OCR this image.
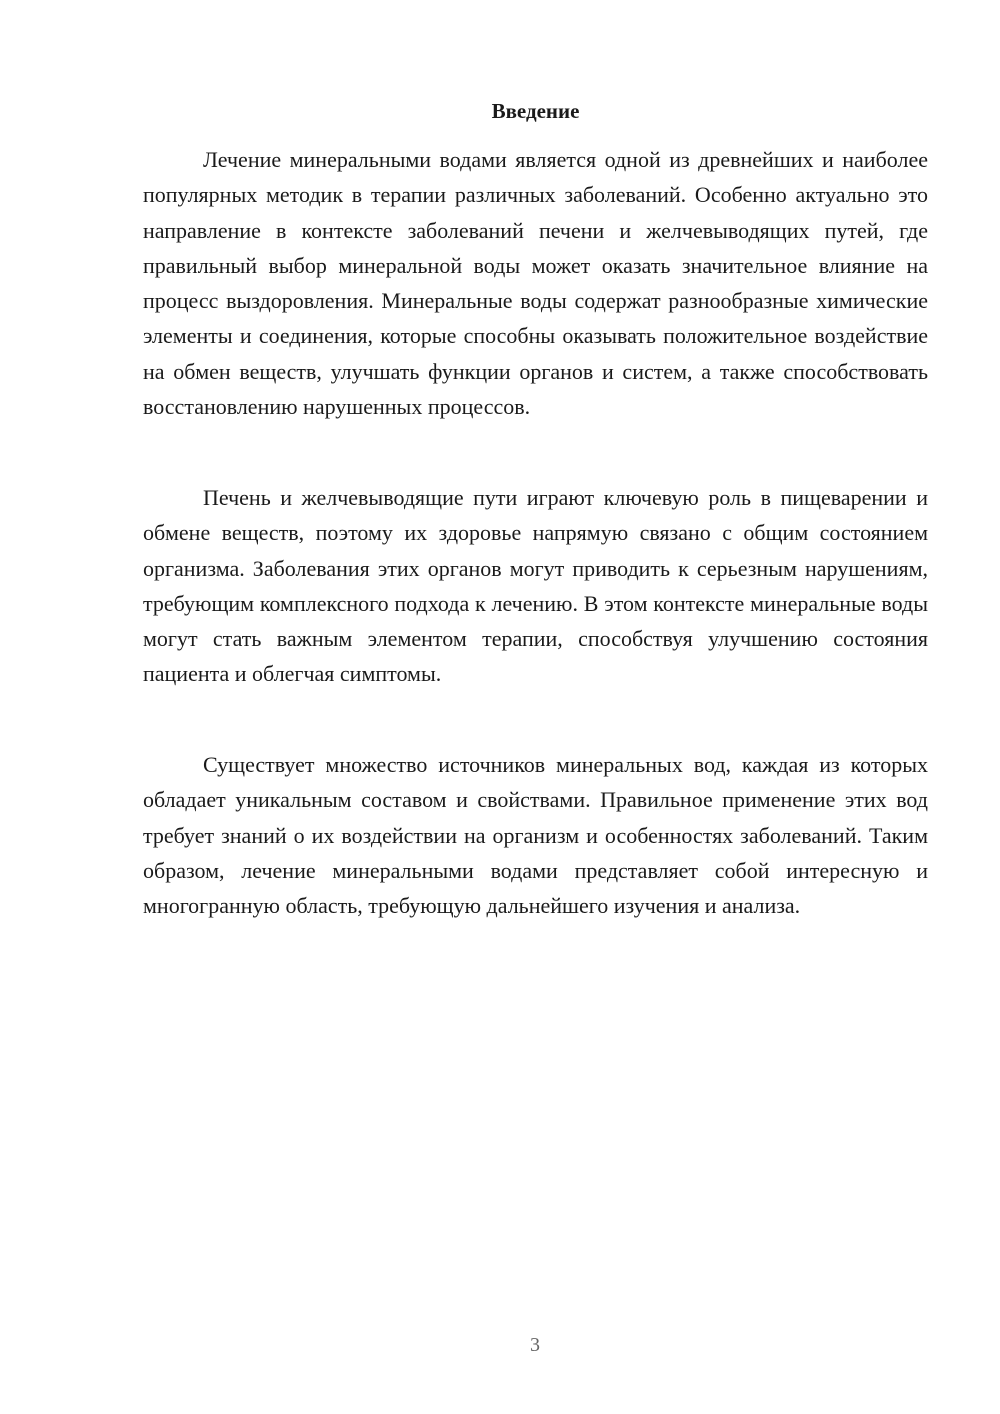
Введение

Лечение минеральными водами является одной из древнейших и наиболее популярных методик в терапии различных заболеваний. Особенно актуально это направление в контексте заболеваний печени и желчевыводящих путей, где правильный выбор минеральной воды может оказать значительное влияние на процесс выздоровления. Минеральные воды содержат разнообразные химические элементы и соединения, которые способны оказывать положительное воздействие на обмен веществ, улучшать функции органов и систем, а также способствовать восстановлению нарушенных процессов.

Печень и желчевыводящие пути играют ключевую роль в пищеварении и обмене веществ, поэтому их здоровье напрямую связано с общим состоянием организма. Заболевания этих органов могут приводить к серьезным нарушениям, требующим комплексного подхода к лечению. В этом контексте минеральные воды могут стать важным элементом терапии, способствуя улучшению состояния пациента и облегчая симптомы.

Существует множество источников минеральных вод, каждая из которых обладает уникальным составом и свойствами. Правильное применение этих вод требует знаний о их воздействии на организм и особенностях заболеваний. Таким образом, лечение минеральными водами представляет собой интересную и многогранную область, требующую дальнейшего изучения и анализа.

3
